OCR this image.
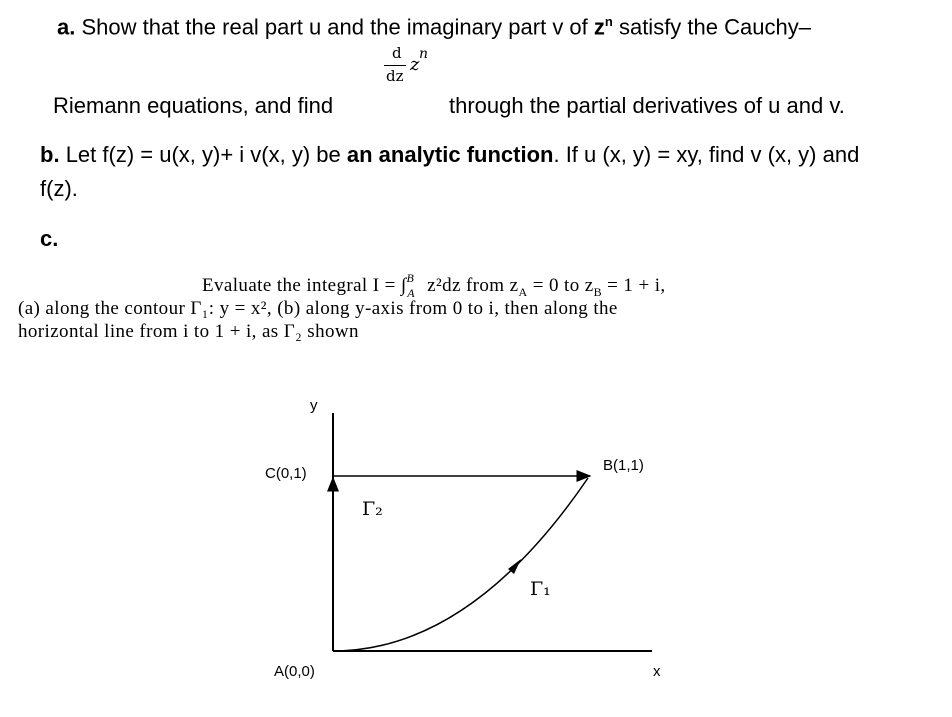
a. Show that the real part u and the imaginary part v of $z^n$ satisfy the Cauchy–
d
dz
z n
Riemann equations, and find	through the partial derivatives of u and v.
b. Let f(z) = u(x, y)+ i v(x, y) be an analytic function. If u (x, y) = xy, find v (x, y) and
f(z).
c.
Evaluate the integral I = ∫$^B_A$ z²dz from $z_A = 0$ to $z_B = 1 + i$,
(a) along the contour Γ₁: y = x², (b) along y-axis from 0 to i, then along the
horizontal line from i to 1 + i, as Γ₂ shown
y
x
C(0,1)	B(1,1)
A(0,0)
Γ₂
Γ₁
